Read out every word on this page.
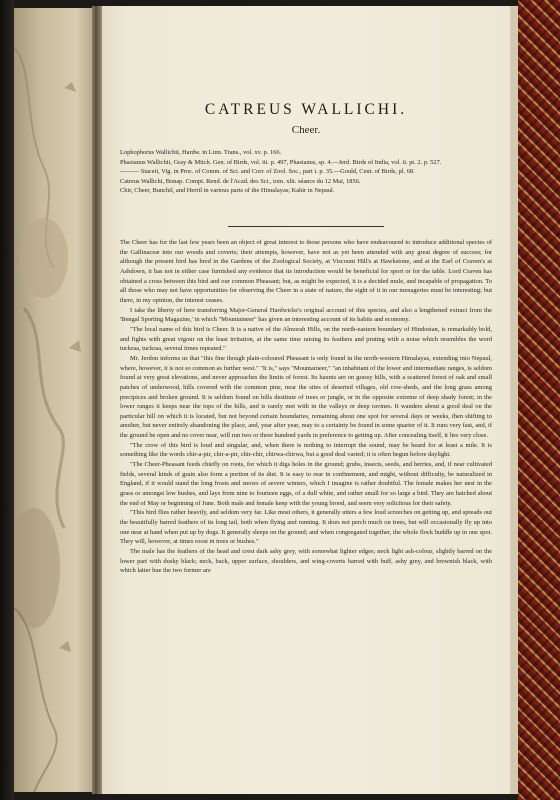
CATREUS WALLICHI.
Cheer.

Lophophorus Wallichii, Hardw. in Linn. Trans., vol. xv. p. 166.

Phasianus Wallichii, Gray & Mitch. Gen. of Birds, vol. iii. p. 497, Phasianus, sp. 4.—Jerd. Birds of India, vol. ii. pt. 2. p. 527.

——— Staceii, Vig. in Proc. of Comm. of Sci. and Corr. of Zool. Soc., part i. p. 35.—Gould, Cent. of Birds, pl. 68.

Catreus Wallichi, Bonap. Compt. Rend. de l'Acad. des Sci., tom. xlii. séance du 12 Mai, 1856.

Chir, Cheer, Bunchil, and Herril in various parts of the Himalayas; Kahir in Nepaul.

The Cheer has for the last few years been an object of great interest to those persons who have endeavoured to introduce additional species of the Gallinaceæ into our woods and coverts; their attempts, however, have not as yet been attended with any great degree of success; for although the present bird has bred in the Gardens of the Zoological Society, at Viscount Hill's at Hawkstone, and at the Earl of Craven's at Ashdown, it has not in either case furnished any evidence that its introduction would be beneficial for sport or for the table. Lord Craven has obtained a cross between this bird and our common Pheasant; but, as might be expected, it is a decided mule, and incapable of propagation. To all those who may not have opportunities for observing the Cheer in a state of nature, the sight of it in our menageries must be interesting; but there, in my opinion, the interest ceases.

I take the liberty of here transferring Major-General Hardwicke's original account of this species, and also a lengthened extract from the 'Bengal Sporting Magazine,' in which "Mountaineer" has given an interesting account of its habits and economy.

"The local name of this bird is Cheer. It is a native of the Almorah Hills, on the north-eastern boundary of Hindostan, is remarkably bold, and fights with great vigour on the least irritation, at the same time raising its feathers and pruting with a noise which resembles the word tuckraa, tuckraa, several times repeated."

Mr. Jerdon informs us that "this fine though plain-coloured Pheasant is only found in the north-western Himalayas, extending into Nepaul, where, however, it is not so common as further west." "It is," says "Mountaineer," "an inhabitant of the lower and intermediate ranges, is seldom found at very great elevations, and never approaches the limits of forest. Its haunts are on grassy hills, with a scattered forest of oak and small patches of underwood, hills covered with the common pine, near the sites of deserted villages, old cow-sheds, and the long grass among precipices and broken ground. It is seldom found on hills destitute of trees or jungle, or in the opposite extreme of deep shady forest; in the lower ranges it keeps near the tops of the hills, and is rarely met with in the valleys or deep ravines. It wanders about a good deal on the particular hill on which it is located, but not beyond certain boundaries, remaining about one spot for several days or weeks, then shifting to another, but never entirely abandoning the place, and, year after year, may to a certainty be found in some quarter of it. It runs very fast, and, if the ground be open and no cover near, will run two or three hundred yards in preference to getting up. After concealing itself, it lies very close.

"The crow of this bird is loud and singular, and, when there is nothing to interrupt the sound, may be heard for at least a mile. It is something like the words chir-a-pir, chir-a-pir, chir-chir, chirwa-chirwa, but a good deal varied; it is often begun before daylight.

"The Cheer-Pheasant feeds chiefly on roots, for which it digs holes in the ground; grubs, insects, seeds, and berries, and, if near cultivated fields, several kinds of grain also form a portion of its diet. It is easy to rear in confinement, and might, without difficulty, be naturalized in England, if it would stand the long frosts and snows of severe winters, which I imagine is rather doubtful. The female makes her nest in the grass or amongst low bushes, and lays from nine to fourteen eggs, of a dull white, and rather small for so large a bird. They are hatched about the end of May or beginning of June. Both male and female keep with the young brood, and seem very solicitous for their safety.

"This bird flies rather heavily, and seldom very far. Like most others, it generally utters a few loud screeches on getting up, and spreads out the beautifully barred feathers of its long tail, both when flying and running. It does not perch much on trees, but will occasionally fly up into one near at hand when put up by dogs. It generally sleeps on the ground; and when congregated together, the whole flock huddle up in one spot. They will, however, at times roost in trees or bushes."

The male has the feathers of the head and crest dark ashy grey, with somewhat lighter edges; neck light ash-colour, slightly barred on the lower part with dusky black; neck, back, upper surface, shoulders, and wing-coverts barred with buff, ashy grey, and brownish black, with which latter hue the two former are
